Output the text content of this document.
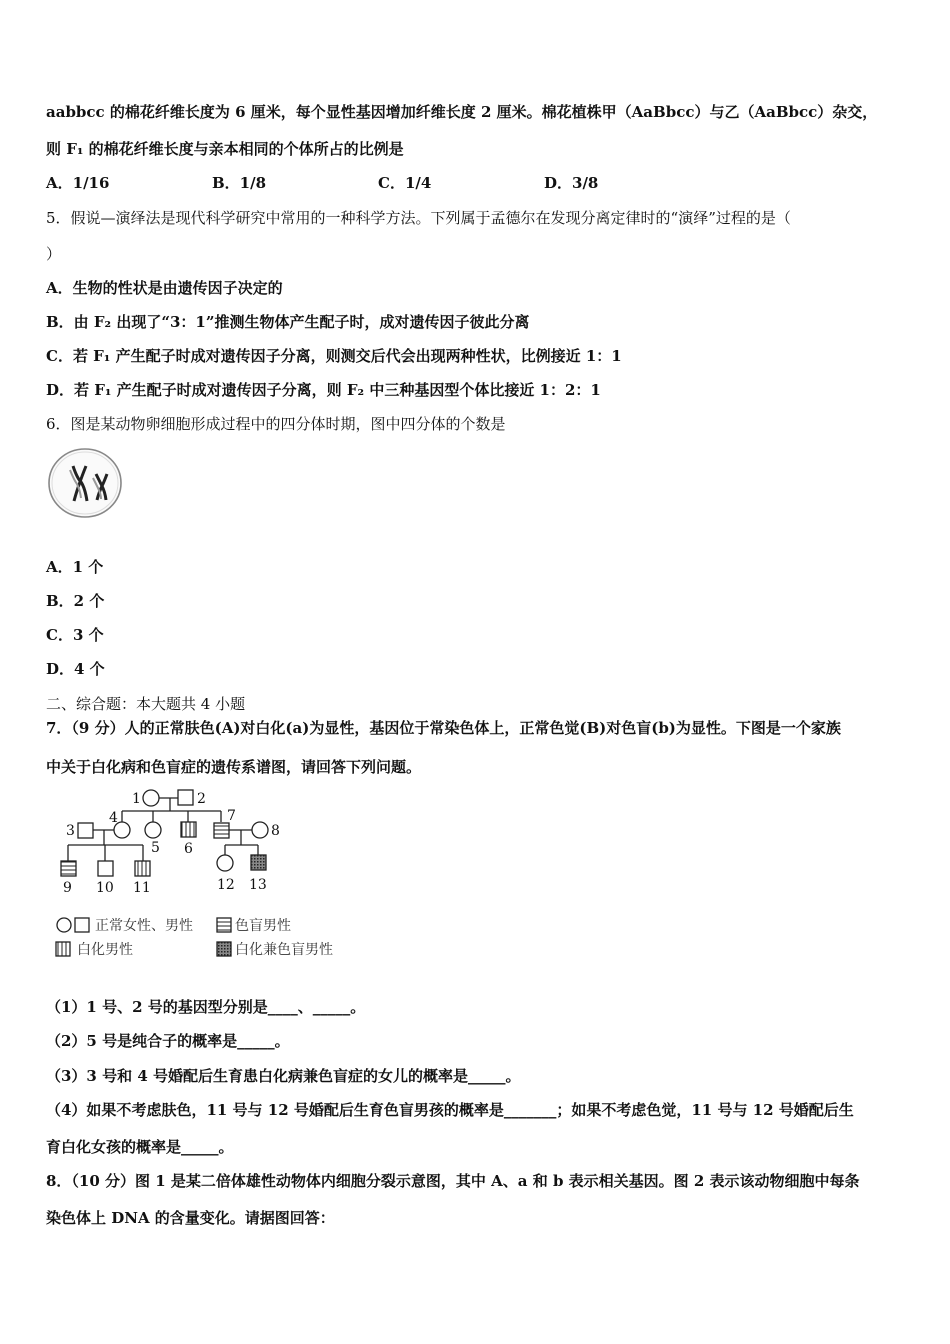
aabbcc 的棉花纤维长度为 6 厘米，每个显性基因增加纤维长度 2 厘米。棉花植株甲（AaBbcc）与乙（AaBbcc）杂交，
则 F₁ 的棉花纤维长度与亲本相同的个体所占的比例是
A．1/16	B．1/8	C．1/4	D．3/8
5．假说—演绎法是现代科学研究中常用的一种科学方法。下列属于孟德尔在发现分离定律时的“演绎”过程的是（
）
A．生物的性状是由遗传因子决定的
B．由 F₂ 出现了“3：1”推测生物体产生配子时，成对遗传因子彼此分离
C．若 F₁ 产生配子时成对遗传因子分离，则测交后代会出现两种性状，比例接近 1：1
D．若 F₁ 产生配子时成对遗传因子分离，则 F₂ 中三种基因型个体比接近 1：2：1
6．图是某动物卵细胞形成过程中的四分体时期，图中四分体的个数是
A．1 个
B．2 个
C．3 个
D．4 个
二、综合题：本大题共 4 小题
7．（9 分）人的正常肤色(A)对白化(a)为显性，基因位于常染色体上，正常色觉(B)对色盲(b)为显性。下图是一个家族
中关于白化病和色盲症的遗传系谱图，请回答下列问题。
1	2
3
4
5 6
7
8
9 10 11	12 13
正常女性、男性	色盲男性
白化男性	白化兼色盲男性
（1）1 号、2 号的基因型分别是____、_____。
（2）5 号是纯合子的概率是_____。
（3）3 号和 4 号婚配后生育患白化病兼色盲症的女儿的概率是_____。
（4）如果不考虑肤色，11 号与 12 号婚配后生育色盲男孩的概率是_______；如果不考虑色觉，11 号与 12 号婚配后生
育白化女孩的概率是_____。
8．（10 分）图 1 是某二倍体雄性动物体内细胞分裂示意图，其中 A、a 和 b 表示相关基因。图 2 表示该动物细胞中每条
染色体上 DNA 的含量变化。请据图回答：
